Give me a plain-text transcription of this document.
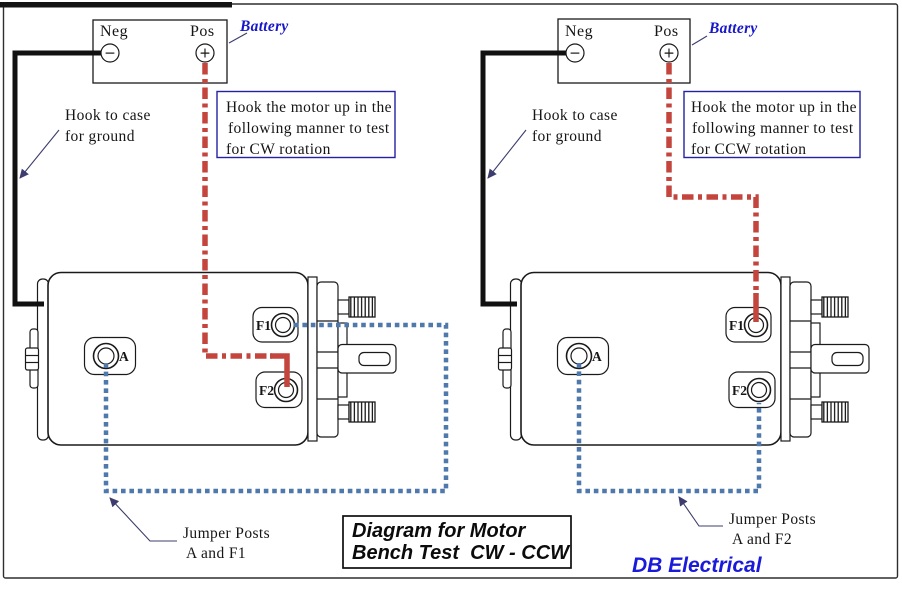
Neg	Pos
−	+
Battery
A
F1
F2
Hook to case
for ground
Hook the motor up in the
following manner to test
for CW rotation
Jumper Posts
A and F1
Neg	Pos
−	+
Battery
A
F1
F2
Hook to case
for ground
Hook the motor up in the
following manner to test
for CCW rotation
Jumper Posts
A and F2
Diagram for Motor
Bench Test  CW - CCW
DB Electrical
